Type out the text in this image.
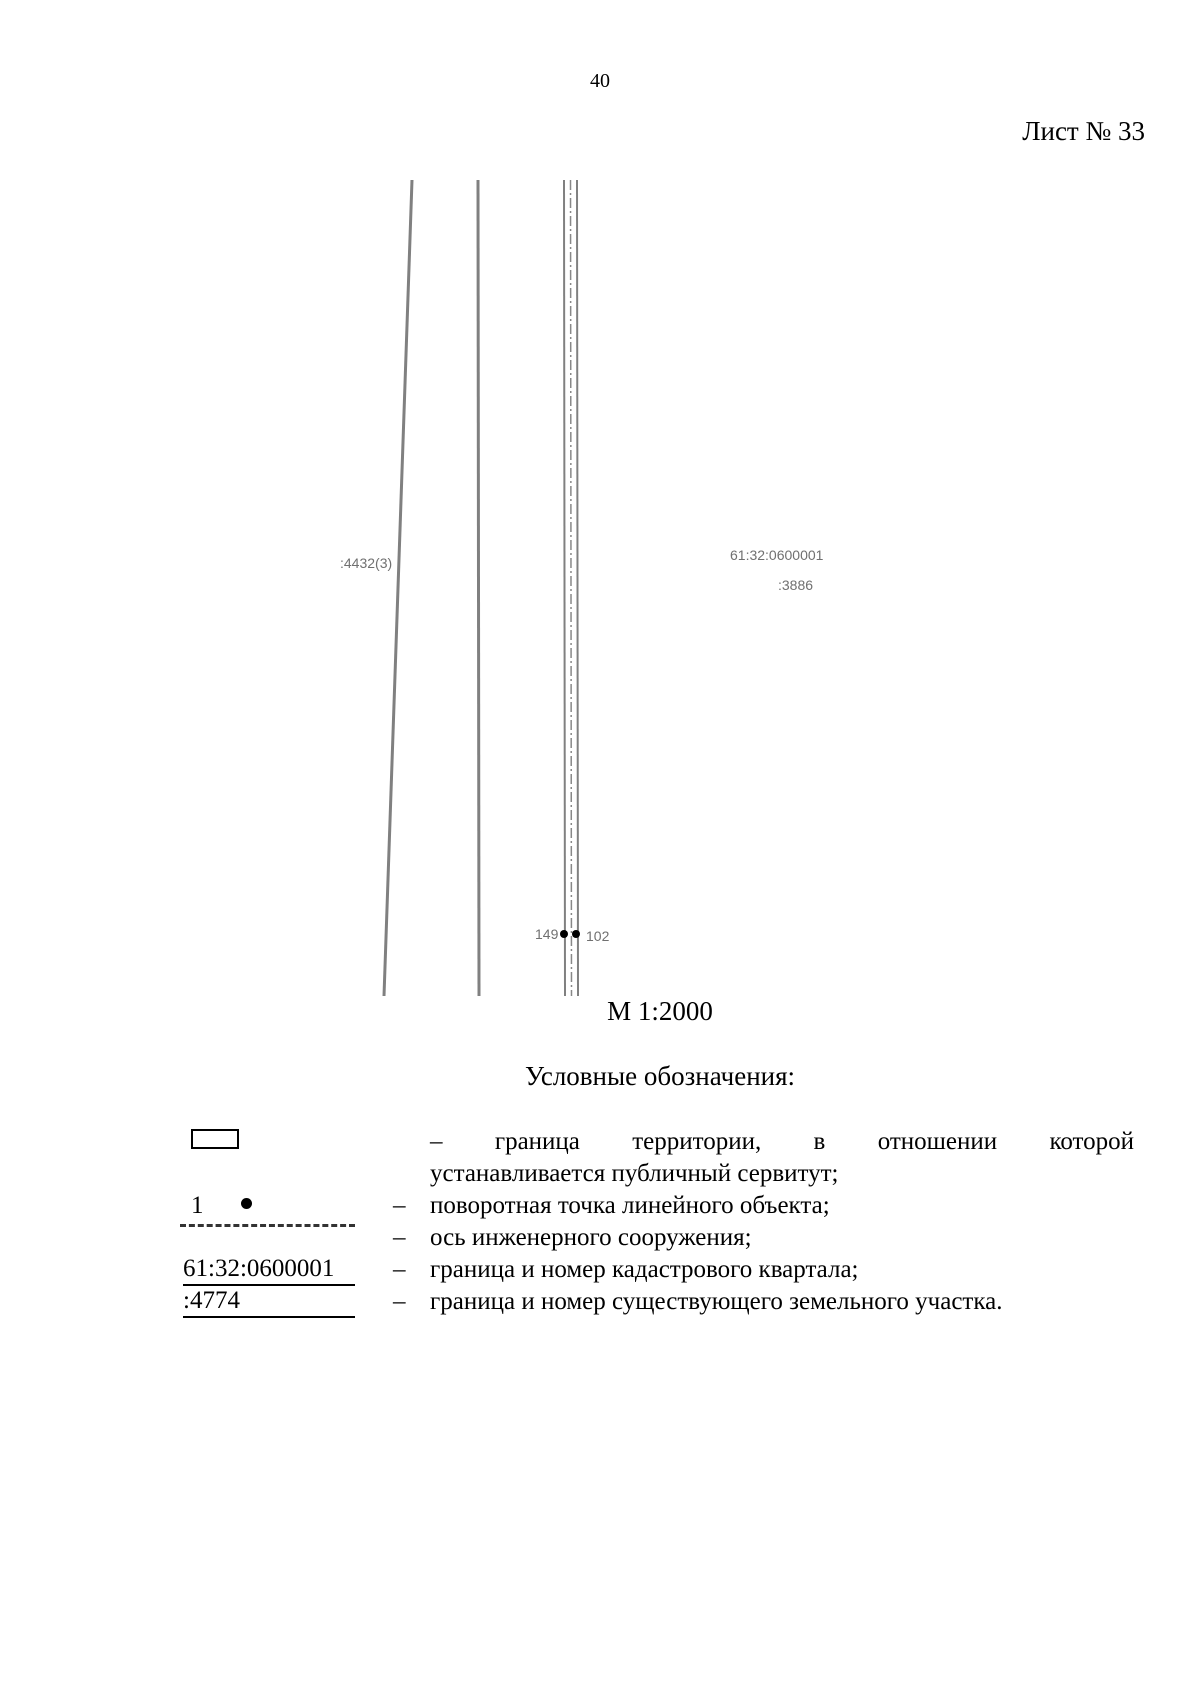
40
Лист № 33
:4432(3)	61:32:0600001
:3886
149 102
М 1:2000
Условные обозначения:
– граница территории, в отношении которой
устанавливается публичный сервитут;
1	– поворотная точка линейного объекта;
– ось инженерного сооружения;
61:32:0600001	– граница и номер кадастрового квартала;
:4774	– граница и номер существующего земельного участка.
